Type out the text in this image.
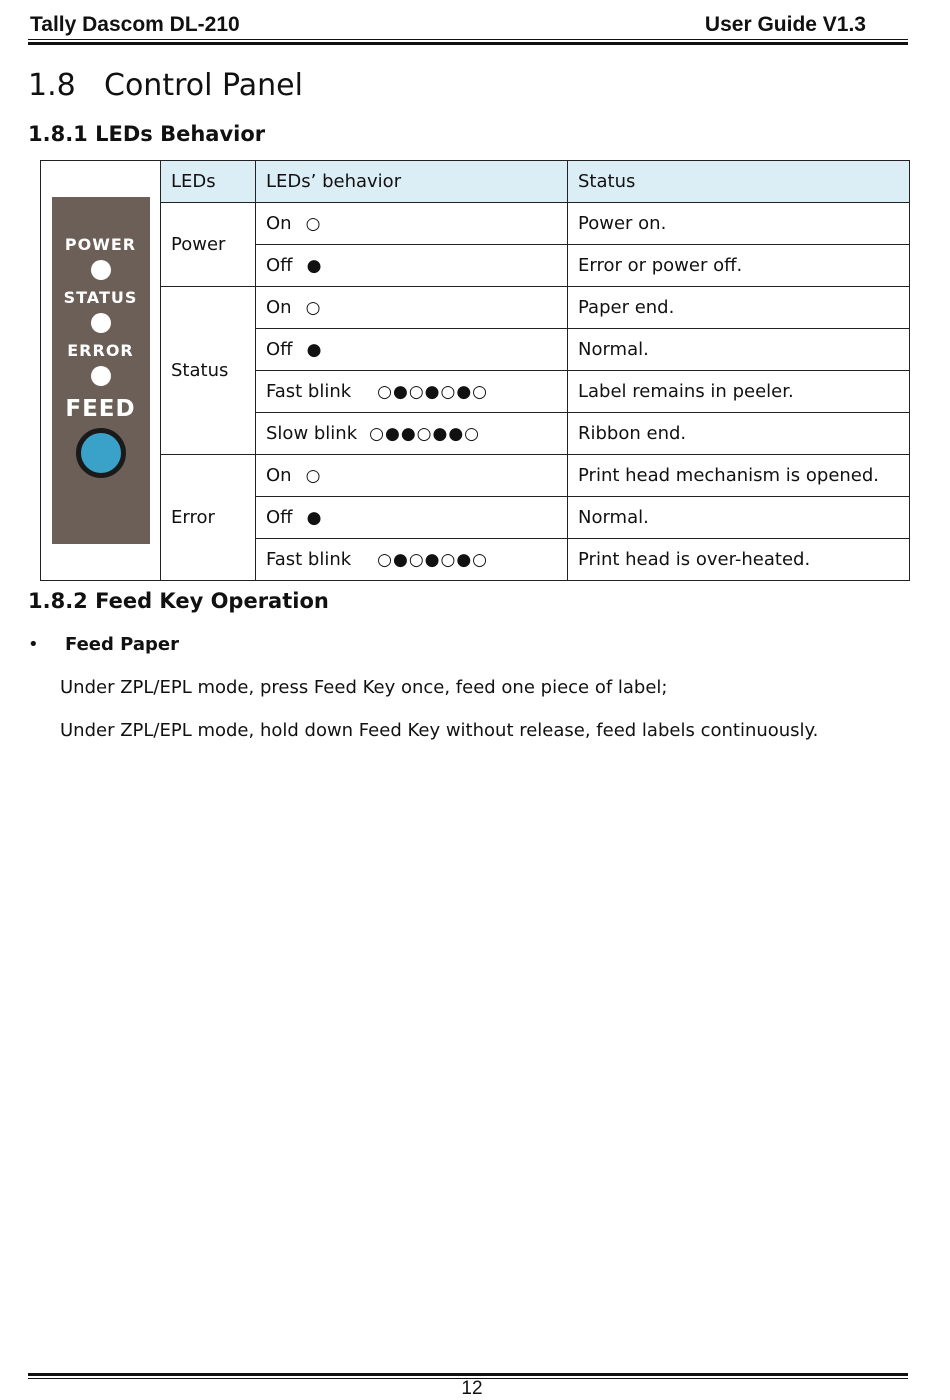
Tally Dascom DL-210	User Guide V1.3
1.8 Control Panel
1.8.1 LEDs Behavior
POWER
STATUS
ERROR
FEED	LEDs	LEDs’ behavior	Status
	Power	On ○	Power on.
		Off ●	Error or power off.
	Status	On ○	Paper end.
		Off ●	Normal.
		Fast blink ○●○●○●○	Label remains in peeler.
		Slow blink ○●●○●●○	Ribbon end.
	Error	On ○	Print head mechanism is opened.
		Off ●	Normal.
		Fast blink ○●○●○●○	Print head is over-heated.
1.8.2 Feed Key Operation
• Feed Paper
Under ZPL/EPL mode, press Feed Key once, feed one piece of label;
Under ZPL/EPL mode, hold down Feed Key without release, feed labels continuously.
12
